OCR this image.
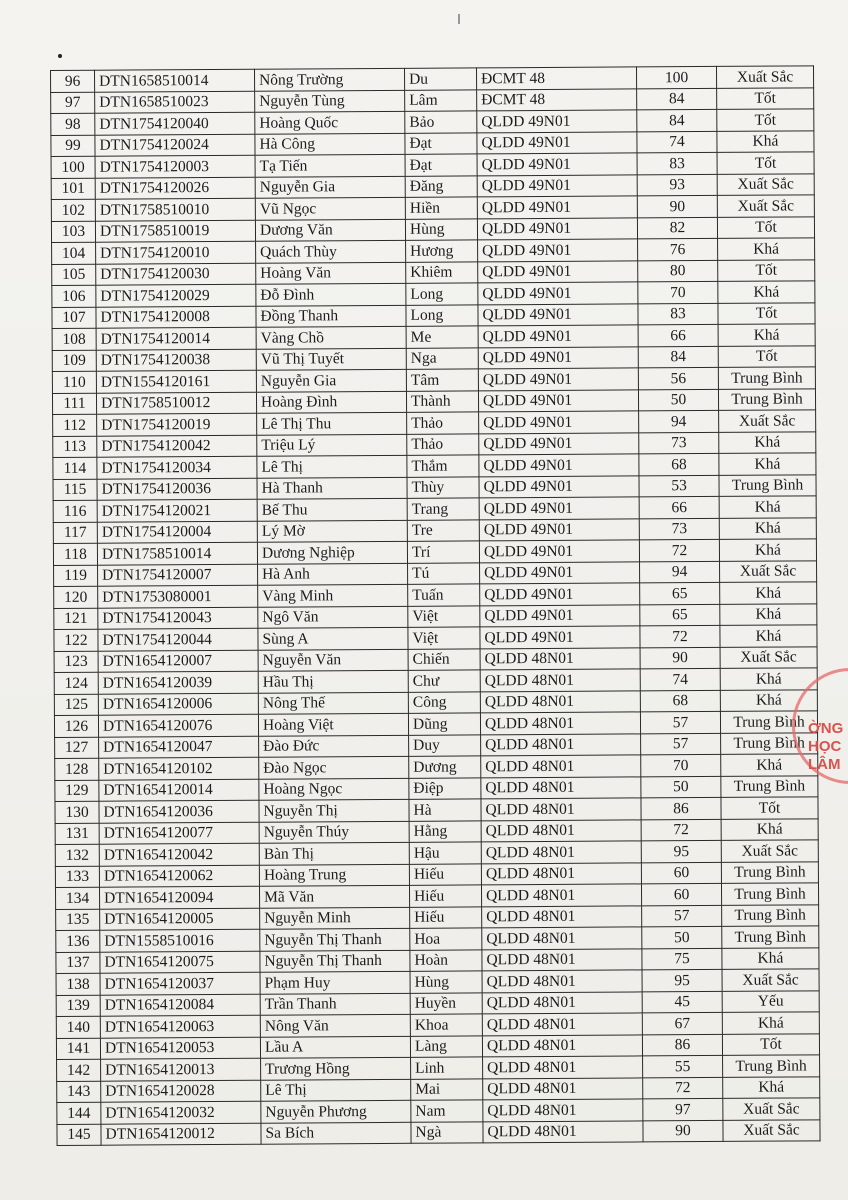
96	DTN1658510014	Nông Trường	Du	ĐCMT 48	100	Xuất Sắc
97	DTN1658510023	Nguyễn Tùng	Lâm	ĐCMT 48	84	Tốt
98	DTN1754120040	Hoàng Quốc	Bảo	QLDD 49N01	84	Tốt
99	DTN1754120024	Hà Công	Đạt	QLDD 49N01	74	Khá
100	DTN1754120003	Tạ Tiến	Đạt	QLDD 49N01	83	Tốt
101	DTN1754120026	Nguyễn Gia	Đăng	QLDD 49N01	93	Xuất Sắc
102	DTN1758510010	Vũ Ngọc	Hiền	QLDD 49N01	90	Xuất Sắc
103	DTN1758510019	Dương Văn	Hùng	QLDD 49N01	82	Tốt
104	DTN1754120010	Quách Thùy	Hương	QLDD 49N01	76	Khá
105	DTN1754120030	Hoàng Văn	Khiêm	QLDD 49N01	80	Tốt
106	DTN1754120029	Đỗ Đình	Long	QLDD 49N01	70	Khá
107	DTN1754120008	Đồng Thanh	Long	QLDD 49N01	83	Tốt
108	DTN1754120014	Vàng Chồ	Me	QLDD 49N01	66	Khá
109	DTN1754120038	Vũ Thị Tuyết	Nga	QLDD 49N01	84	Tốt
110	DTN1554120161	Nguyễn Gia	Tâm	QLDD 49N01	56	Trung Bình
111	DTN1758510012	Hoàng Đình	Thành	QLDD 49N01	50	Trung Bình
112	DTN1754120019	Lê Thị Thu	Thảo	QLDD 49N01	94	Xuất Sắc
113	DTN1754120042	Triệu Lý	Thảo	QLDD 49N01	73	Khá
114	DTN1754120034	Lê Thị	Thắm	QLDD 49N01	68	Khá
115	DTN1754120036	Hà Thanh	Thùy	QLDD 49N01	53	Trung Bình
116	DTN1754120021	Bế Thu	Trang	QLDD 49N01	66	Khá
117	DTN1754120004	Lý Mờ	Tre	QLDD 49N01	73	Khá
118	DTN1758510014	Dương Nghiệp	Trí	QLDD 49N01	72	Khá
119	DTN1754120007	Hà Anh	Tú	QLDD 49N01	94	Xuất Sắc
120	DTN1753080001	Vàng Minh	Tuấn	QLDD 49N01	65	Khá
121	DTN1754120043	Ngô Văn	Việt	QLDD 49N01	65	Khá
122	DTN1754120044	Sùng A	Việt	QLDD 49N01	72	Khá
123	DTN1654120007	Nguyễn Văn	Chiến	QLDD 48N01	90	Xuất Sắc
124	DTN1654120039	Hầu Thị	Chư	QLDD 48N01	74	Khá
125	DTN1654120006	Nông Thế	Công	QLDD 48N01	68	Khá
126	DTN1654120076	Hoàng Việt	Dũng	QLDD 48N01	57	Trung Bình
127	DTN1654120047	Đào Đức	Duy	QLDD 48N01	57	Trung Bình
128	DTN1654120102	Đào Ngọc	Dương	QLDD 48N01	70	Khá
129	DTN1654120014	Hoàng Ngọc	Điệp	QLDD 48N01	50	Trung Bình
130	DTN1654120036	Nguyễn Thị	Hà	QLDD 48N01	86	Tốt
131	DTN1654120077	Nguyễn Thúy	Hằng	QLDD 48N01	72	Khá
132	DTN1654120042	Bàn Thị	Hậu	QLDD 48N01	95	Xuất Sắc
133	DTN1654120062	Hoàng Trung	Hiếu	QLDD 48N01	60	Trung Bình
134	DTN1654120094	Mã Văn	Hiếu	QLDD 48N01	60	Trung Bình
135	DTN1654120005	Nguyễn Minh	Hiếu	QLDD 48N01	57	Trung Bình
136	DTN1558510016	Nguyễn Thị Thanh	Hoa	QLDD 48N01	50	Trung Bình
137	DTN1654120075	Nguyễn Thị Thanh	Hoàn	QLDD 48N01	75	Khá
138	DTN1654120037	Phạm Huy	Hùng	QLDD 48N01	95	Xuất Sắc
139	DTN1654120084	Trần Thanh	Huyền	QLDD 48N01	45	Yếu
140	DTN1654120063	Nông Văn	Khoa	QLDD 48N01	67	Khá
141	DTN1654120053	Lầu A	Làng	QLDD 48N01	86	Tốt
142	DTN1654120013	Trương Hồng	Linh	QLDD 48N01	55	Trung Bình
143	DTN1654120028	Lê Thị	Mai	QLDD 48N01	72	Khá
144	DTN1654120032	Nguyễn Phương	Nam	QLDD 48N01	97	Xuất Sắc
145	DTN1654120012	Sa Bích	Ngà	QLDD 48N01	90	Xuất Sắc
ỜNG
HỌC
LÂM
